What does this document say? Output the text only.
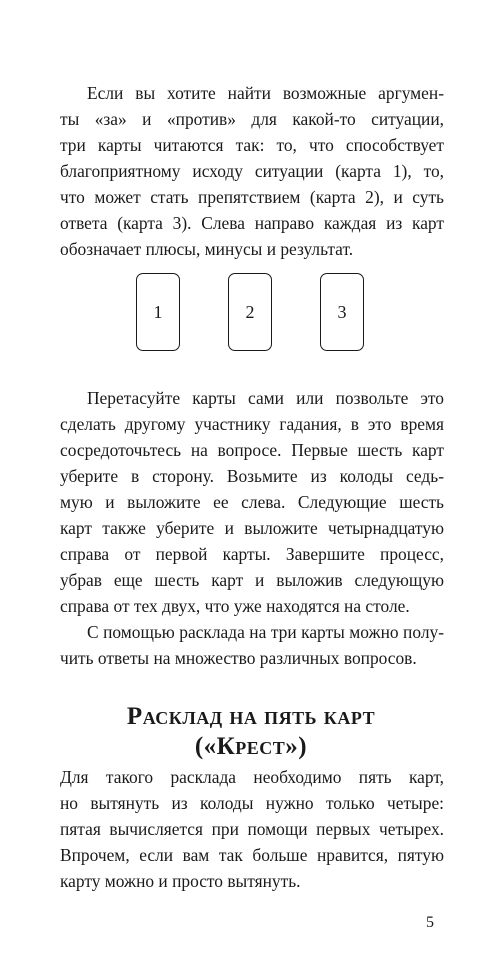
Если вы хотите найти возможные аргумен-
ты «за» и «против» для какой-то ситуации,
три карты читаются так: то, что способствует
благоприятному исходу ситуации (карта 1), то,
что может стать препятствием (карта 2), и суть
ответа (карта 3). Слева направо каждая из карт
обозначает плюсы, минусы и результат.

1	2	3

Перетасуйте карты сами или позвольте это
сделать другому участнику гадания, в это время
сосредоточьтесь на вопросе. Первые шесть карт
уберите в сторону. Возьмите из колоды седь-
мую и выложите ее слева. Следующие шесть
карт также уберите и выложите четырнадцатую
справа от первой карты. Завершите процесс,
убрав еще шесть карт и выложив следующую
справа от тех двух, что уже находятся на столе.

С помощью расклада на три карты можно полу-
чить ответы на множество различных вопросов.

Расклад на пять карт
(«Крест»)

Для такого расклада необходимо пять карт,
но вытянуть из колоды нужно только четыре:
пятая вычисляется при помощи первых четырех.
Впрочем, если вам так больше нравится, пятую
карту можно и просто вытянуть.

5
